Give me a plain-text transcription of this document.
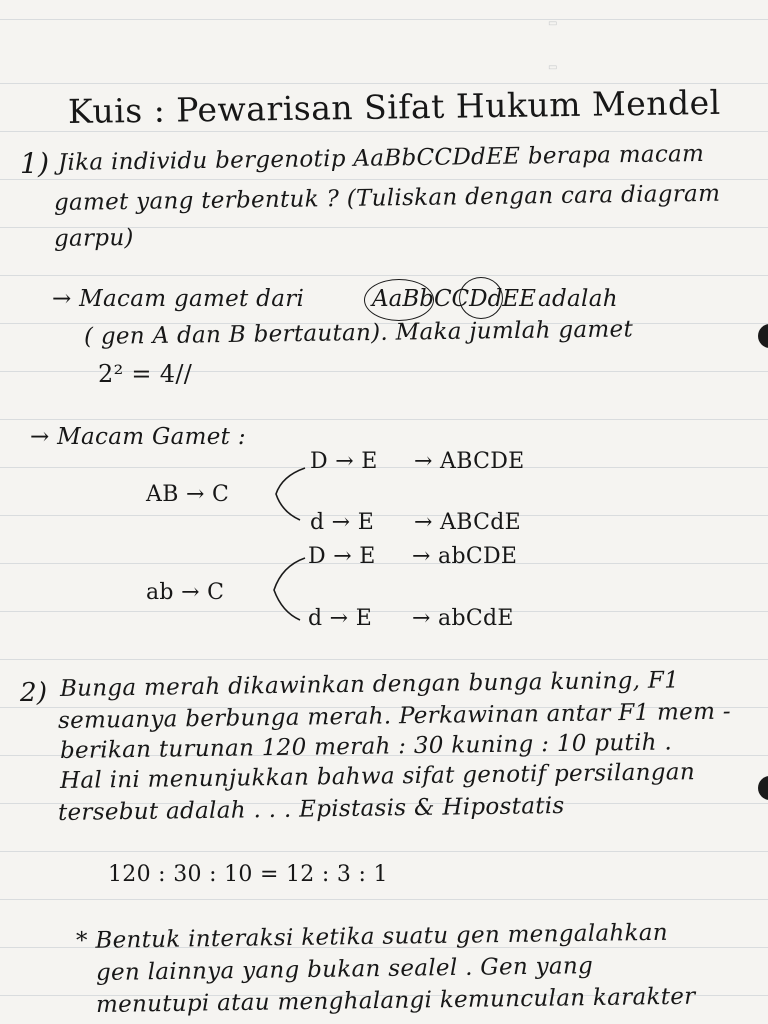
▭
▭
Kuis : Pewarisan Sifat Hukum Mendel
1) Jika individu bergenotip AaBbCCDdEE berapa macam
gamet yang terbentuk ? (Tuliskan dengan cara diagram
garpu)
→ Macam gamet dari	AaBbCCDdEE adalah
( gen A dan B bertautan). Maka jumlah gamet
2² = 4//
→ Macam Gamet :
AB → C
D → E → ABCDE
d → E → ABCdE
ab → C
D → E → abCDE
d → E → abCdE
2) Bunga merah dikawinkan dengan bunga kuning, F1
semuanya berbunga merah. Perkawinan antar F1 mem -
berikan turunan 120 merah : 30 kuning : 10 putih .
Hal ini menunjukkan bahwa sifat genotif persilangan
tersebut adalah . . . Epistasis & Hipostatis
120 : 30 : 10 = 12 : 3 : 1
* Bentuk interaksi ketika suatu gen mengalahkan
gen lainnya yang bukan sealel . Gen yang
menutupi atau menghalangi kemunculan karakter
